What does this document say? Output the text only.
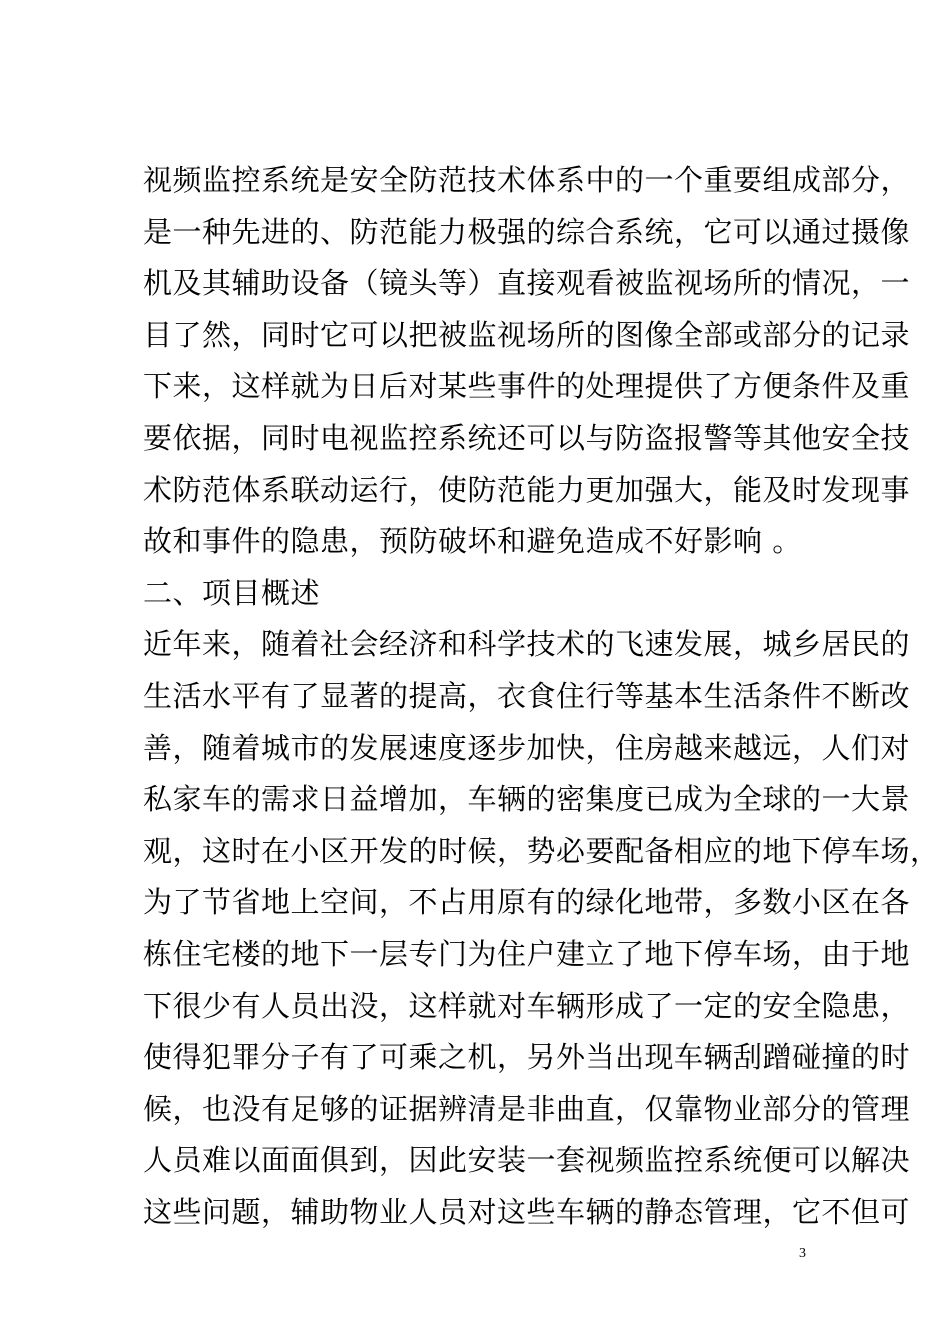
视频监控系统是安全防范技术体系中的一个重要组成部分，
是一种先进的、防范能力极强的综合系统，它可以通过摄像
机及其辅助设备（镜头等）直接观看被监视场所的情况，一
目了然，同时它可以把被监视场所的图像全部或部分的记录
下来，这样就为日后对某些事件的处理提供了方便条件及重
要依据，同时电视监控系统还可以与防盗报警等其他安全技
术防范体系联动运行，使防范能力更加强大，能及时发现事
故和事件的隐患，预防破坏和避免造成不好影响 。
二、项目概述
近年来，随着社会经济和科学技术的飞速发展，城乡居民的
生活水平有了显著的提高，衣食住行等基本生活条件不断改
善，随着城市的发展速度逐步加快，住房越来越远，人们对
私家车的需求日益增加，车辆的密集度已成为全球的一大景
观，这时在小区开发的时候，势必要配备相应的地下停车场，
为了节省地上空间，不占用原有的绿化地带，多数小区在各
栋住宅楼的地下一层专门为住户建立了地下停车场，由于地
下很少有人员出没，这样就对车辆形成了一定的安全隐患，
使得犯罪分子有了可乘之机，另外当出现车辆刮蹭碰撞的时
候，也没有足够的证据辨清是非曲直，仅靠物业部分的管理
人员难以面面俱到，因此安装一套视频监控系统便可以解决
这些问题，辅助物业人员对这些车辆的静态管理，它不但可
3
